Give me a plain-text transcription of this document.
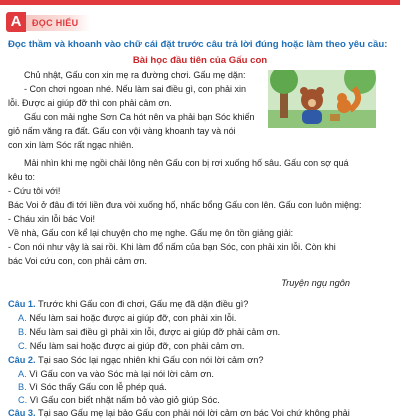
A	ĐỌC HIỂU
Đọc thầm và khoanh vào chữ cái đặt trước câu trả lời đúng hoặc làm theo yêu cầu:
Bài học đầu tiên của Gấu con
Chủ nhật, Gấu con xin mẹ ra đường chơi. Gấu mẹ dặn:
- Con chơi ngoan nhé. Nếu làm sai điều gì, con phải xin
lỗi. Được ai giúp đỡ thì con phải cảm ơn.
Gấu con mải nghe Sơn Ca hót nên va phải bạn Sóc khiến
giỏ nấm văng ra đất. Gấu con vội vàng khoanh tay và nói
con xin làm Sóc rất ngạc nhiên.
Mải nhìn khi mẹ ngồi chải lông nên Gấu con bị rơi xuống hố sâu. Gấu con sợ quá
kêu to:
- Cứu tôi với!
Bác Voi ở đâu đi tới liền đưa vòi xuống hố, nhấc bổng Gấu con lên. Gấu con luôn miệng:
- Cháu xin lỗi bác Voi!
Về nhà, Gấu con kể lại chuyện cho mẹ nghe. Gấu mẹ ôn tồn giảng giải:
- Con nói như vậy là sai rồi. Khi làm đổ nấm của bạn Sóc, con phải xin lỗi. Còn khi
bác Voi cứu con, con phải cảm ơn.
Truyện ngụ ngôn
Câu 1. Trước khi Gấu con đi chơi, Gấu mẹ đã dặn điều gì?
A. Nếu làm sai hoặc được ai giúp đỡ, con phải xin lỗi.
B. Nếu làm sai điều gì phải xin lỗi, được ai giúp đỡ phải cảm ơn.
C. Nếu làm sai hoặc được ai giúp đỡ, con phải cảm ơn.
Câu 2. Tại sao Sóc lại ngạc nhiên khi Gấu con nói lời cảm ơn?
A. Vì Gấu con va vào Sóc mà lại nói lời cảm ơn.
B. Vì Sóc thấy Gấu con lễ phép quá.
C. Vì Gấu con biết nhặt nấm bỏ vào giỏ giúp Sóc.
Câu 3. Tại sao Gấu mẹ lại bảo Gấu con phải nói lời cảm ơn bác Voi chứ không phải
